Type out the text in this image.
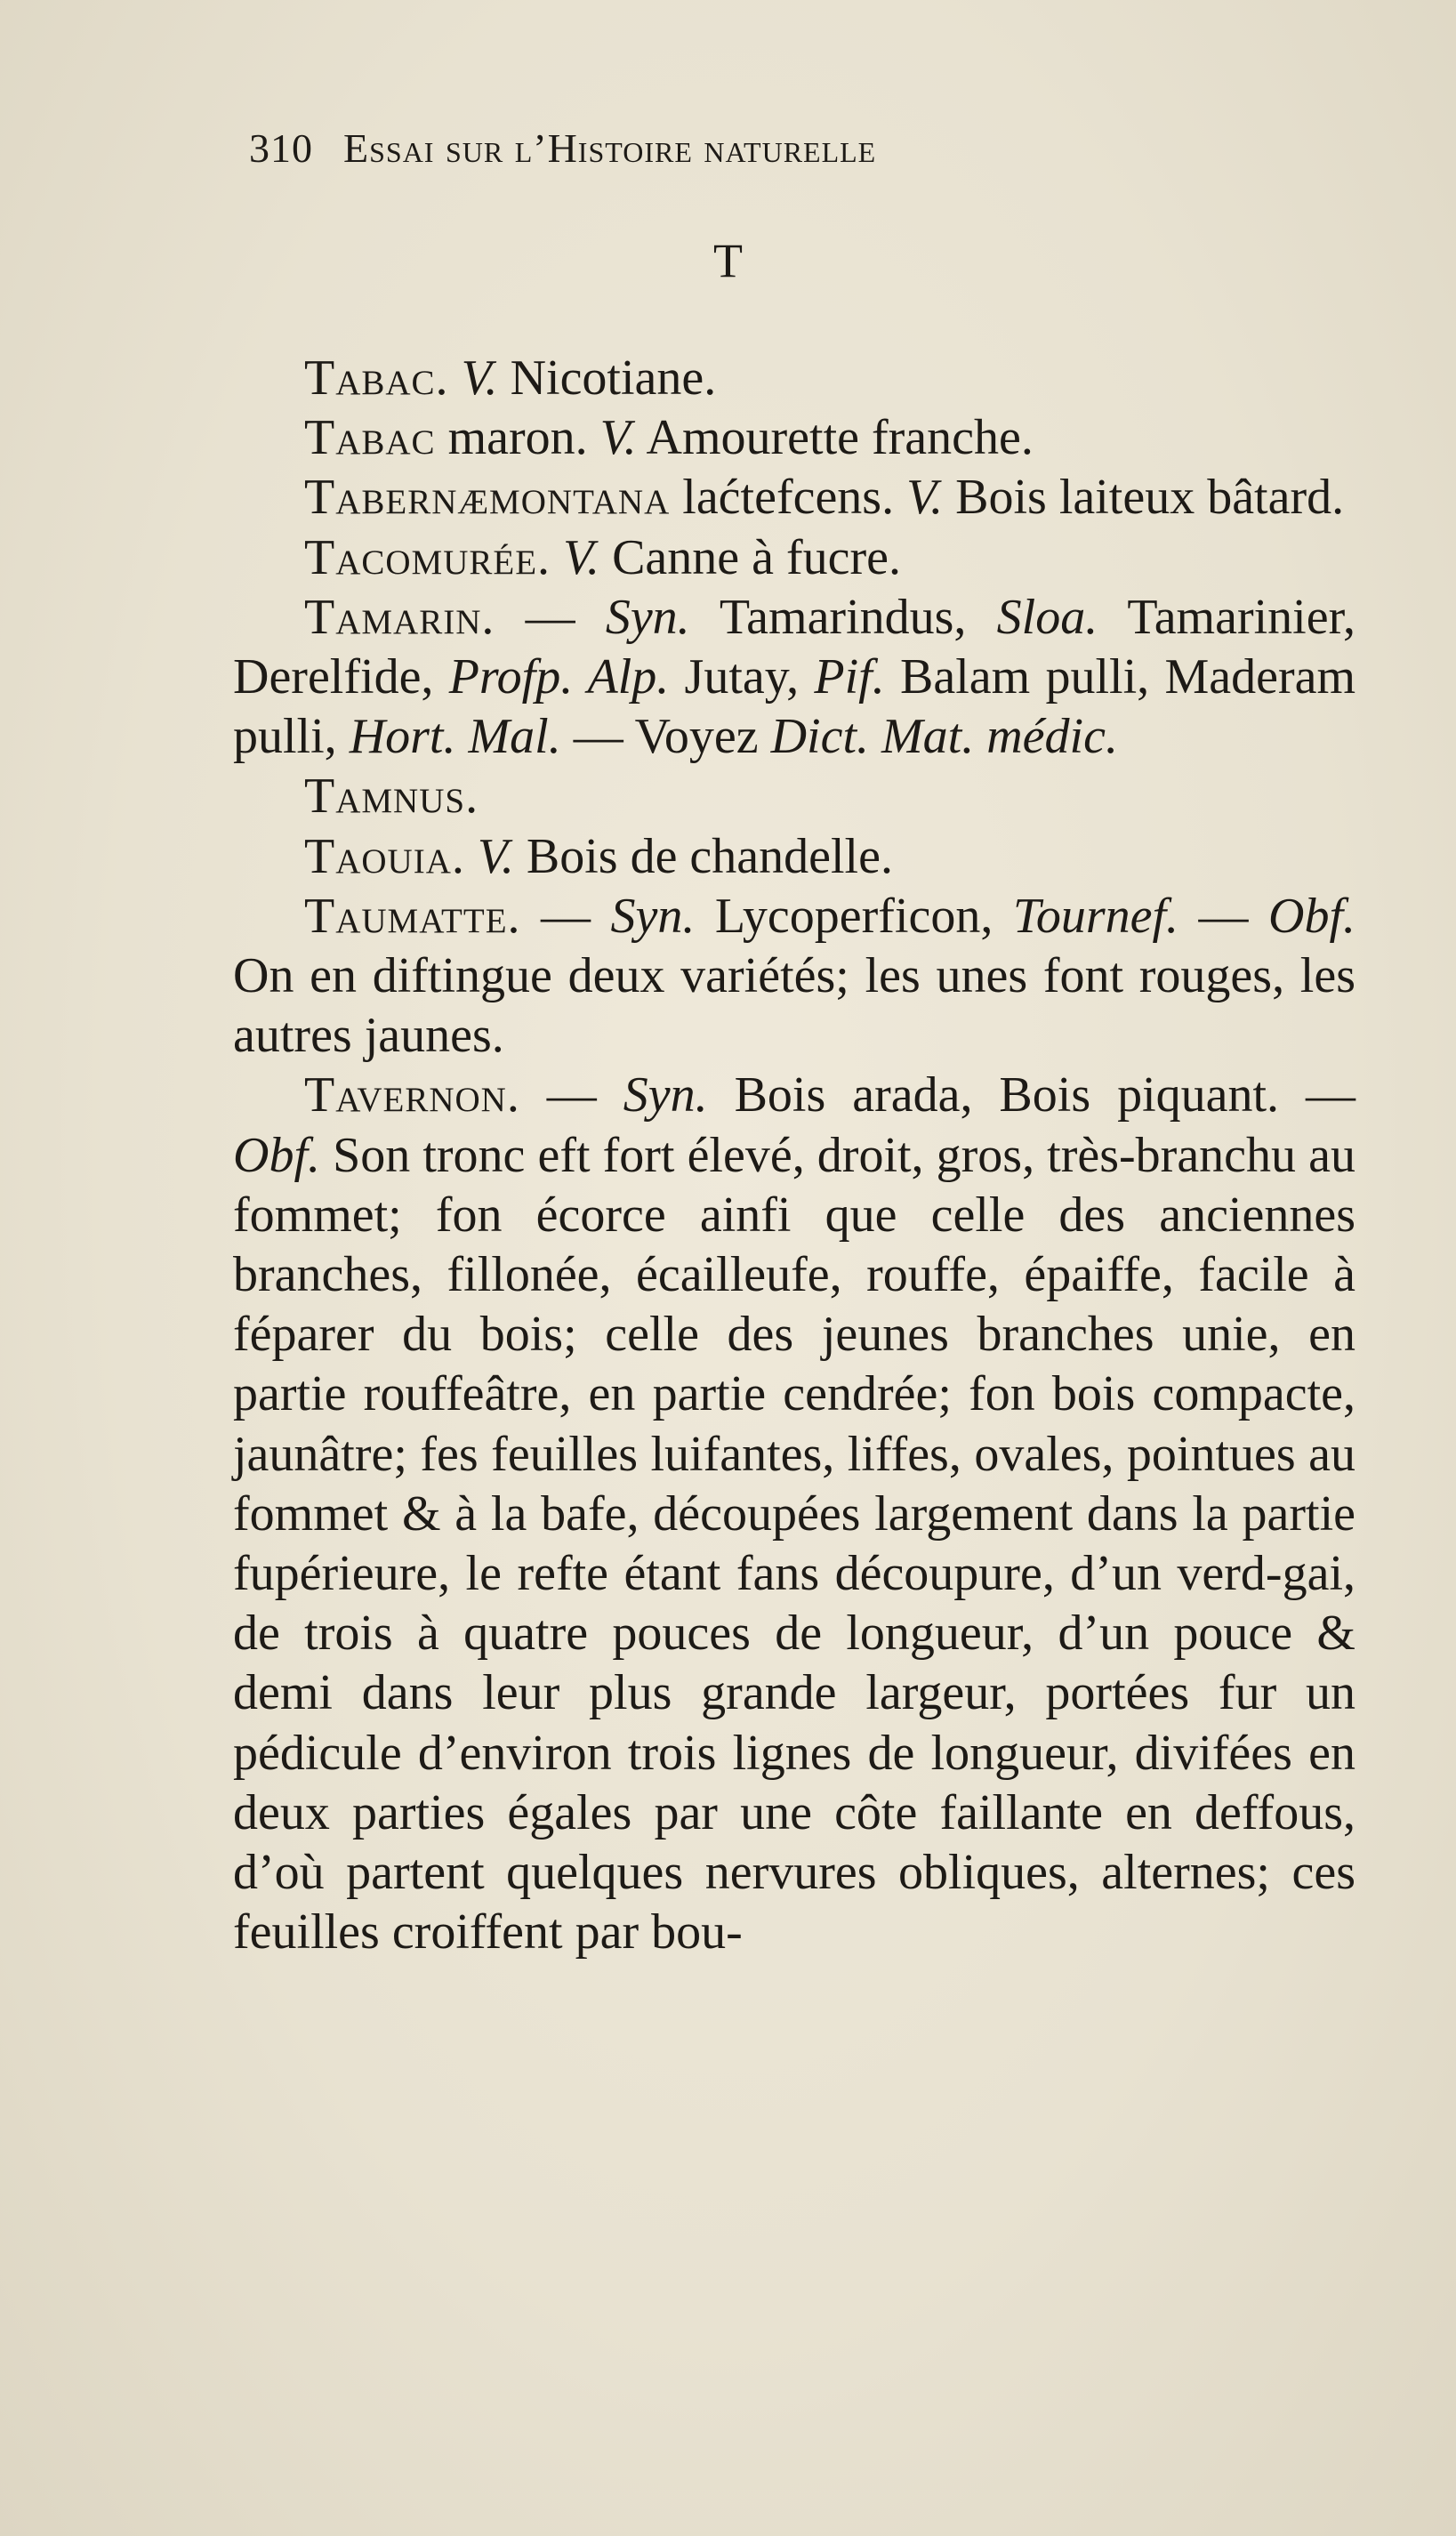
310 Essai sur l’Histoire naturelle
T

Tabac. V. Nicotiane.

Tabac maron. V. Amourette franche.

Tabernæmontana laćtefcens. V. Bois laiteux bâtard.

Tacomurée. V. Canne à fucre.

Tamarin. — Syn. Tamarindus, Sloa. Tamarinier, Derelfide, Profp. Alp. Jutay, Pif. Balam pulli, Maderam pulli, Hort. Mal. — Voyez Dict. Mat. médic.

Tamnus.

Taouia. V. Bois de chandelle.

Taumatte. — Syn. Lycoperficon, Tournef. — Obf. On en diftingue deux variétés; les unes font rouges, les autres jaunes.

Tavernon. — Syn. Bois arada, Bois piquant. — Obf. Son tronc eft fort élevé, droit, gros, très-branchu au fommet; fon écorce ainfi que celle des anciennes branches, fillonée, écailleufe, rouffe, épaiffe, facile à féparer du bois; celle des jeunes branches unie, en partie rouffeâtre, en partie cendrée; fon bois compacte, jaunâtre; fes feuilles luifantes, liffes, ovales, pointues au fommet & à la bafe, découpées largement dans la partie fupérieure, le refte étant fans découpure, d’un verd-gai, de trois à quatre pouces de longueur, d’un pouce & demi dans leur plus grande largeur, portées fur un pédicule d’environ trois lignes de longueur, divifées en deux parties égales par une côte faillante en deffous, d’où partent quelques nervures obliques, alternes; ces feuilles croiffent par bou-
